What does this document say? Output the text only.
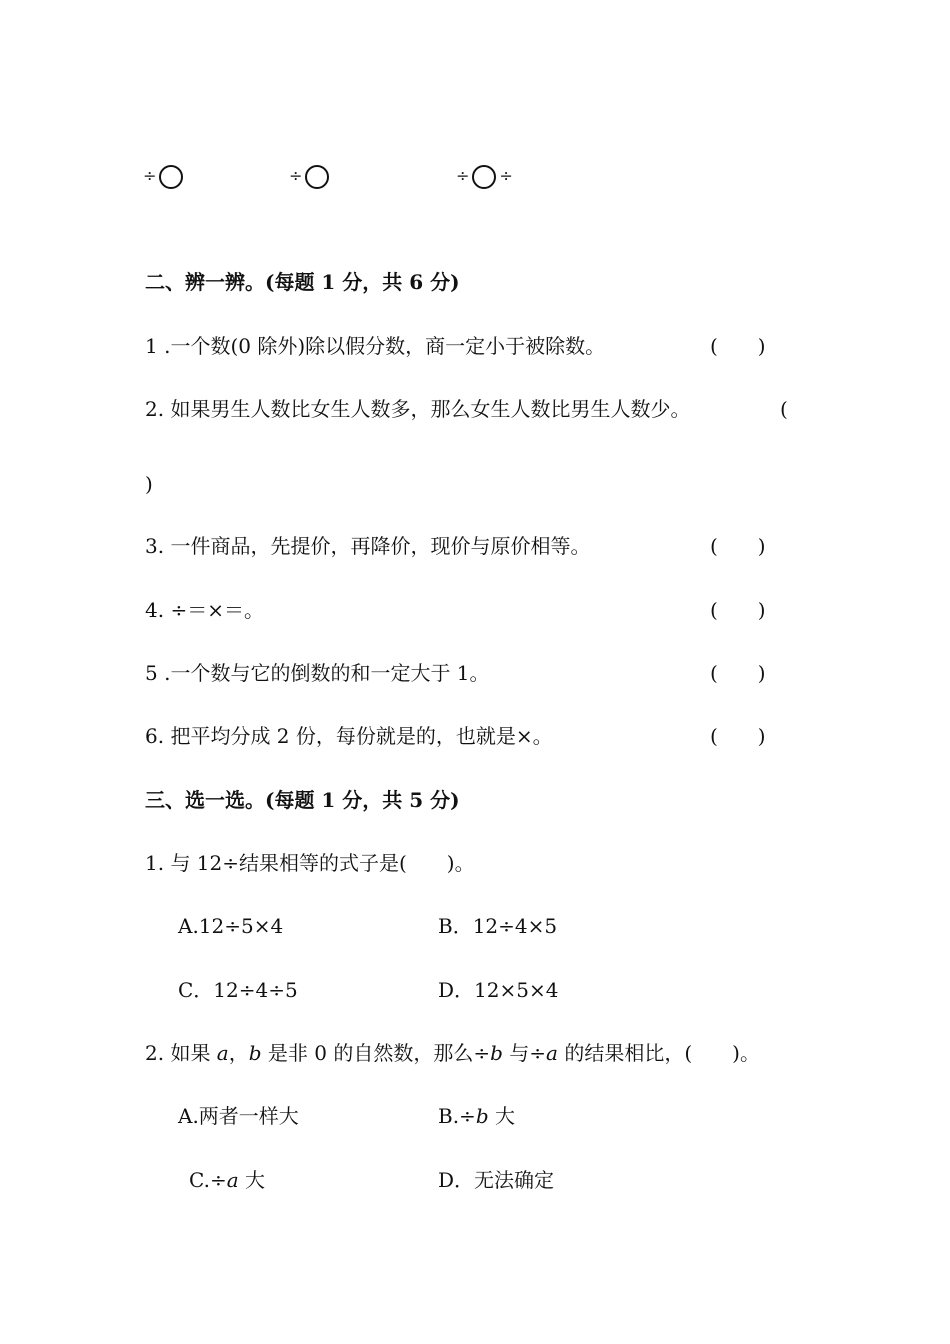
÷	÷	÷ ÷
二、辨一辨。(每题 1 分，共 6 分)
1 .一个数(0 除外)除以假分数，商一定小于被除数。	(　　)
2. 如果男生人数比女生人数多，那么女生人数比男生人数少。	(
)
3. 一件商品，先提价，再降价，现价与原价相等。	(　　)
4. ÷＝×＝。	(　　)
5 .一个数与它的倒数的和一定大于 1。	(　　)
6. 把平均分成 2 份，每份就是的，也就是×。	(　　)
三、选一选。(每题 1 分，共 5 分)
1. 与 12÷结果相等的式子是(　　)。
A.12÷5×4	B．12÷4×5
C．12÷4÷5	D．12×5×4
2. 如果 a，b 是非 0 的自然数，那么÷b 与÷a 的结果相比，(　　)。
A.两者一样大	B.÷b 大
C.÷a 大	D．无法确定
